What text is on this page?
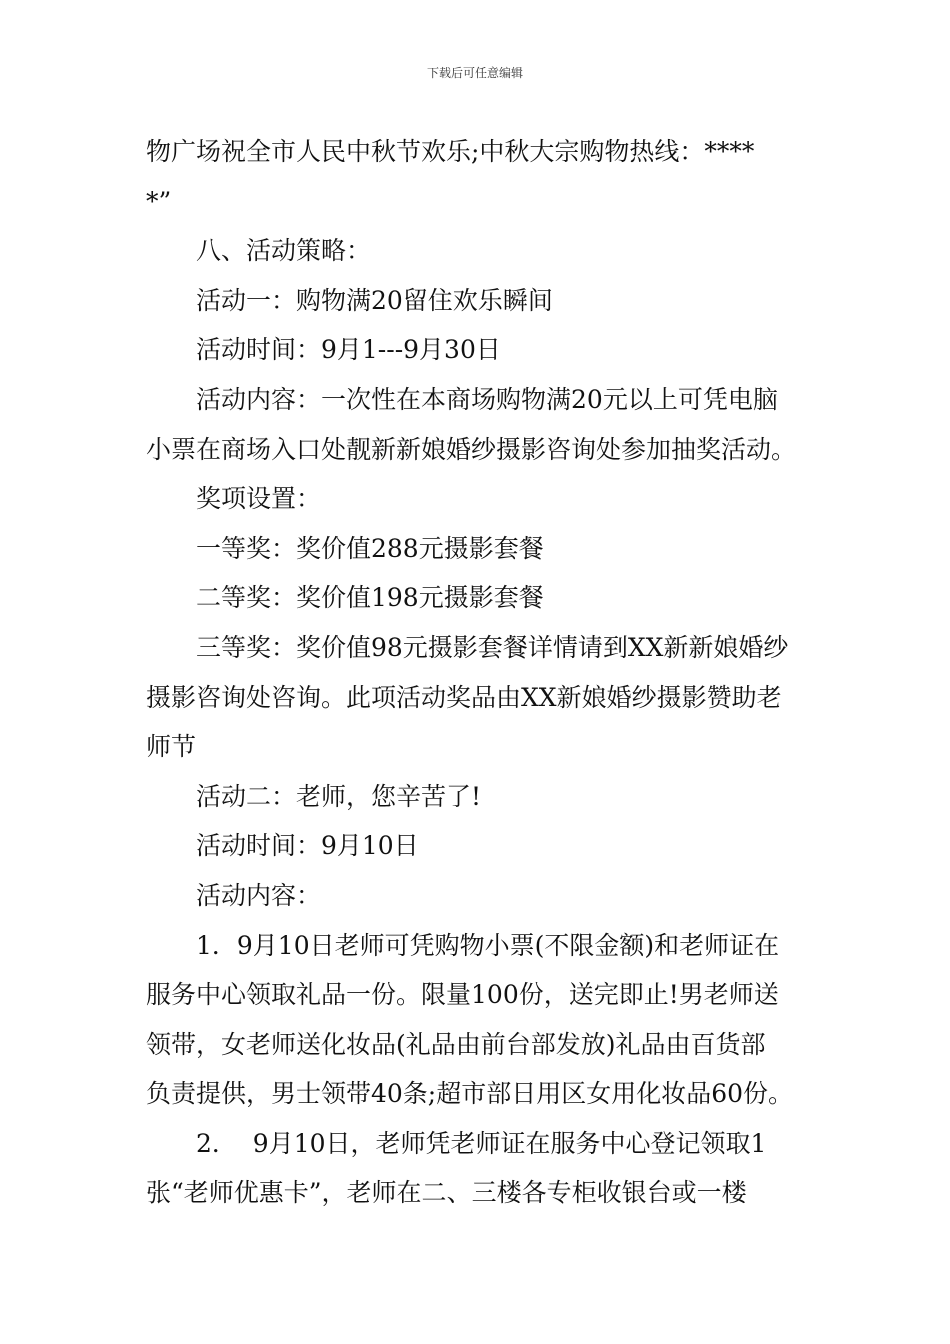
下载后可任意编辑
物广场祝全市人民中秋节欢乐;中秋大宗购物热线：****
*”
八、活动策略：
活动一：购物满20留住欢乐瞬间
活动时间：9月1---9月30日
活动内容：一次性在本商场购物满20元以上可凭电脑
小票在商场入口处靓新新娘婚纱摄影咨询处参加抽奖活动。
奖项设置：
一等奖：奖价值288元摄影套餐
二等奖：奖价值198元摄影套餐
三等奖：奖价值98元摄影套餐详情请到XX新新娘婚纱
摄影咨询处咨询。此项活动奖品由XX新娘婚纱摄影赞助老
师节
活动二：老师，您辛苦了!
活动时间：9月10日
活动内容：
1．9月10日老师可凭购物小票(不限金额)和老师证在
服务中心领取礼品一份。限量100份，送完即止!男老师送
领带，女老师送化妆品(礼品由前台部发放)礼品由百货部
负责提供，男士领带40条;超市部日用区女用化妆品60份。
2．  9月10日，老师凭老师证在服务中心登记领取1
张“老师优惠卡”，老师在二、三楼各专柜收银台或一楼
